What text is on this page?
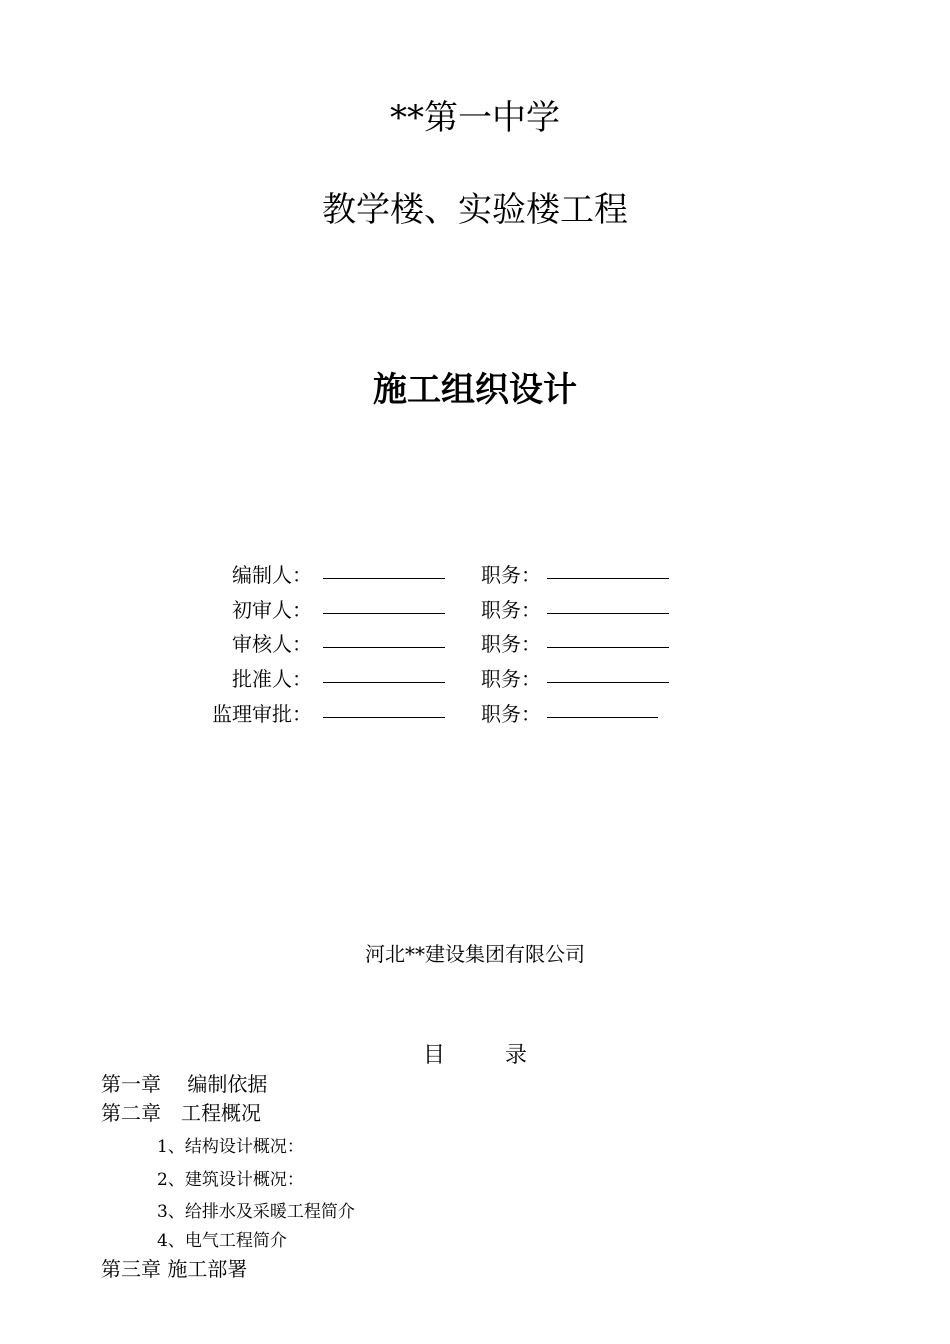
**第一中学
教学楼、实验楼工程
施工组织设计
编制人：	职务：
初审人：	职务：
审核人：	职务：
批准人：	职务：
监理审批：	职务：
河北**建设集团有限公司
目	录
第一章　 编制依据
第二章　工程概况
1、结构设计概况：
2、建筑设计概况：
3、给排水及采暖工程简介
4、电气工程简介
第三章 施工部署
